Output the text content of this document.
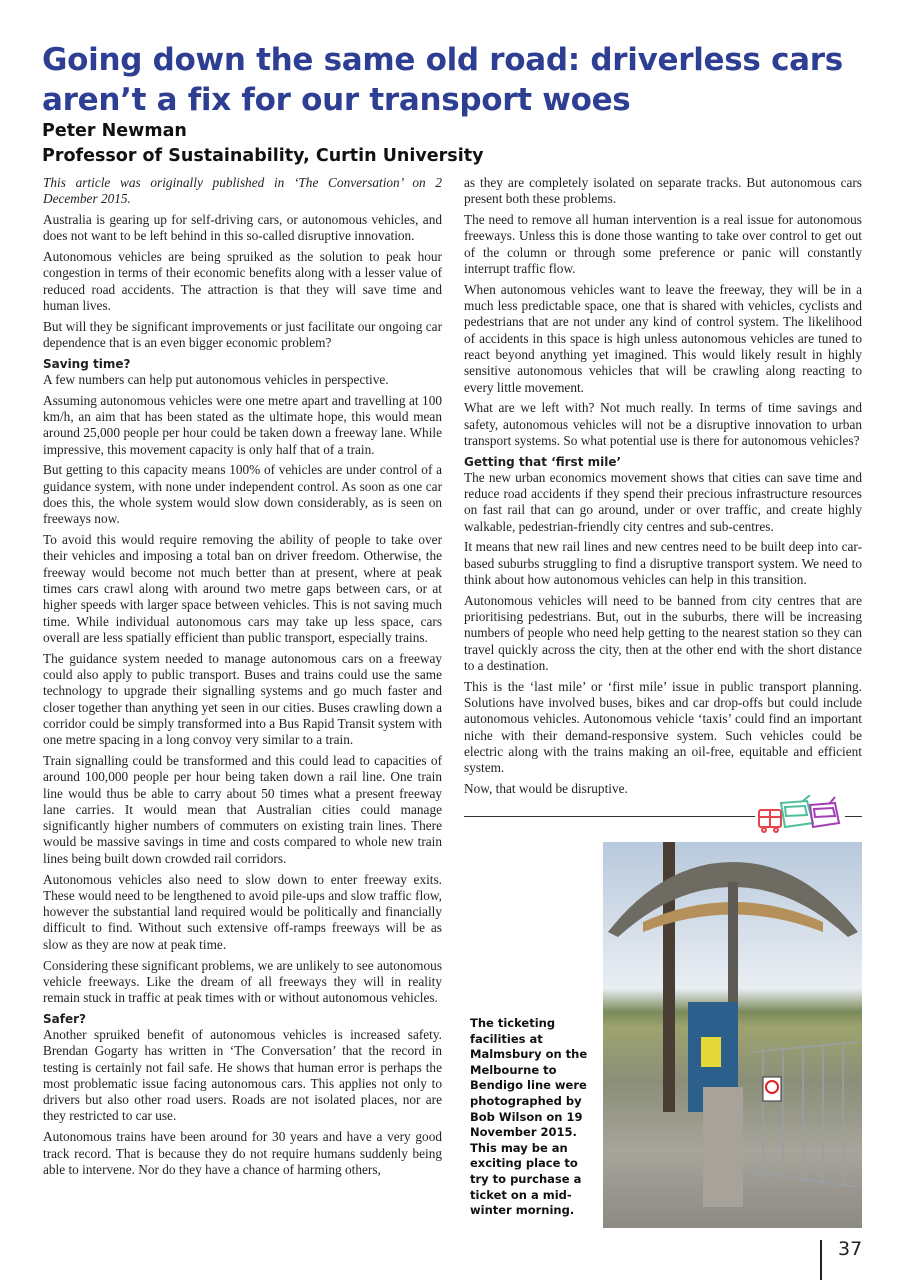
Going down the same old road: driverless cars aren’t a fix for our transport woes
Peter Newman
Professor of Sustainability, Curtin University

This article was originally published in ‘The Conversation’ on 2 December 2015.

Australia is gearing up for self-driving cars, or autonomous vehicles, and does not want to be left behind in this so-called disruptive innovation.

Autonomous vehicles are being spruiked as the solution to peak hour congestion in terms of their economic benefits along with a lesser value of reduced road accidents. The attraction is that they will save time and human lives.

But will they be significant improvements or just facilitate our ongoing car dependence that is an even bigger economic problem?

Saving time?

A few numbers can help put autonomous vehicles in perspective.

Assuming autonomous vehicles were one metre apart and travelling at 100 km/h, an aim that has been stated as the ultimate hope, this would mean around 25,000 people per hour could be taken down a freeway lane. While impressive, this movement capacity is only half that of a train.

But getting to this capacity means 100% of vehicles are under control of a guidance system, with none under independent control. As soon as one car does this, the whole system would slow down considerably, as is seen on freeways now.

To avoid this would require removing the ability of people to take over their vehicles and imposing a total ban on driver freedom. Otherwise, the freeway would become not much better than at present, where at peak times cars crawl along with around two metre gaps between cars, or at higher speeds with larger space between vehicles. This is not saving much time. While individual autonomous cars may take up less space, cars overall are less spatially efficient than public transport, especially trains.

The guidance system needed to manage autonomous cars on a freeway could also apply to public transport. Buses and trains could use the same technology to upgrade their signalling systems and go much faster and closer together than anything yet seen in our cities. Buses crawling down a corridor could be simply transformed into a Bus Rapid Transit system with one metre spacing in a long convoy very similar to a train.

Train signalling could be transformed and this could lead to capacities of around 100,000 people per hour being taken down a rail line. One train line would thus be able to carry about 50 times what a present freeway lane carries. It would mean that Australian cities could manage significantly higher numbers of commuters on existing train lines. There would be massive savings in time and costs compared to whole new train lines being built down crowded rail corridors.

Autonomous vehicles also need to slow down to enter freeway exits. These would need to be lengthened to avoid pile-ups and slow traffic flow, however the substantial land required would be politically and financially difficult to find. Without such extensive off-ramps freeways will be as slow as they are now at peak time.

Considering these significant problems, we are unlikely to see autonomous vehicle freeways. Like the dream of all freeways they will in reality remain stuck in traffic at peak times with or without autonomous vehicles.

Safer?

Another spruiked benefit of autonomous vehicles is increased safety. Brendan Gogarty has written in ‘The Conversation’ that the record in testing is certainly not fail safe. He shows that human error is perhaps the most problematic issue facing autonomous cars. This applies not only to drivers but also other road users. Roads are not isolated places, nor are they restricted to car use.

Autonomous trains have been around for 30 years and have a very good track record. That is because they do not require humans suddenly being able to intervene. Nor do they have a chance of harming others,

as they are completely isolated on separate tracks. But autonomous cars present both these problems.

The need to remove all human intervention is a real issue for autonomous freeways. Unless this is done those wanting to take over control to get out of the column or through some preference or panic will constantly interrupt traffic flow.

When autonomous vehicles want to leave the freeway, they will be in a much less predictable space, one that is shared with vehicles, cyclists and pedestrians that are not under any kind of control system. The likelihood of accidents in this space is high unless autonomous vehicles are tuned to react beyond anything yet imagined. This would likely result in highly sensitive autonomous vehicles that will be crawling along reacting to every little movement.

What are we left with? Not much really. In terms of time savings and safety, autonomous vehicles will not be a disruptive innovation to urban transport systems. So what potential use is there for autonomous vehicles?

Getting that ‘first mile’

The new urban economics movement shows that cities can save time and reduce road accidents if they spend their precious infrastructure resources on fast rail that can go around, under or over traffic, and create highly walkable, pedestrian-friendly city centres and sub-centres.

It means that new rail lines and new centres need to be built deep into car-based suburbs struggling to find a disruptive transport system. We need to think about how autonomous vehicles can help in this transition.

Autonomous vehicles will need to be banned from city centres that are prioritising pedestrians. But, out in the suburbs, there will be increasing numbers of people who need help getting to the nearest station so they can travel quickly across the city, then at the other end with the short distance to a destination.

This is the ‘last mile’ or ‘first mile’ issue in public transport planning. Solutions have involved buses, bikes and car drop-offs but could include autonomous vehicles. Autonomous vehicle ‘taxis’ could find an important niche with their demand-responsive system. Such vehicles could be electric along with the trains making an oil-free, equitable and efficient system.

Now, that would be disruptive.

The ticketing facilities at Malmsbury on the Melbourne to Bendigo line were photographed by Bob Wilson on 19 November 2015. This may be an exciting place to try to purchase a ticket on a mid-winter morning.
37
